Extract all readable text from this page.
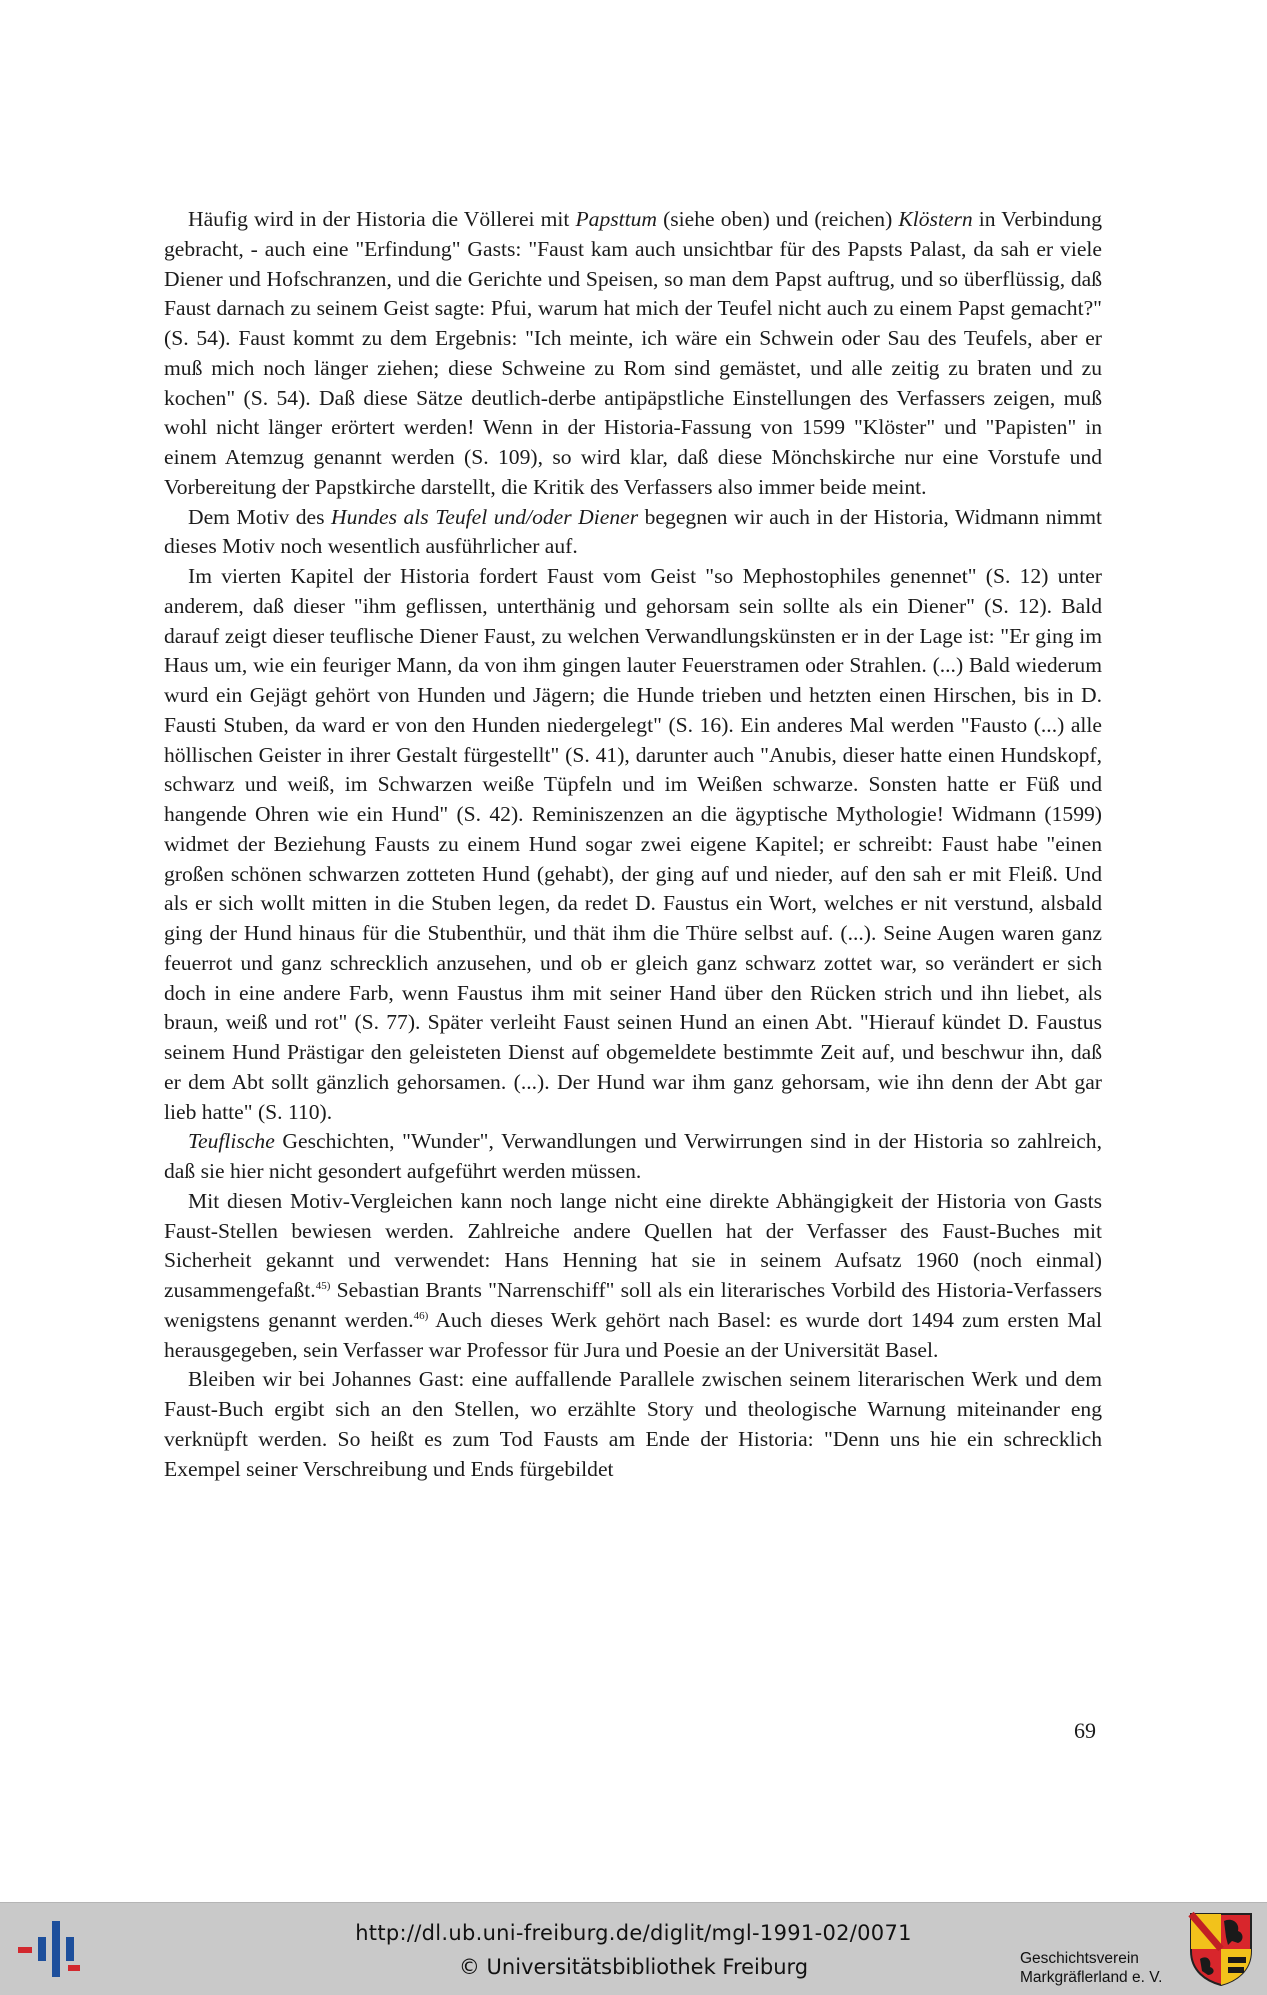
Häufig wird in der Historia die Völlerei mit Papsttum (siehe oben) und (reichen) Klöstern in Verbindung gebracht, - auch eine "Erfindung" Gasts: "Faust kam auch unsichtbar für des Papsts Palast, da sah er viele Diener und Hofschranzen, und die Gerichte und Speisen, so man dem Papst auftrug, und so überflüssig, daß Faust darnach zu seinem Geist sagte: Pfui, warum hat mich der Teufel nicht auch zu einem Papst gemacht?" (S. 54). Faust kommt zu dem Ergebnis: "Ich meinte, ich wäre ein Schwein oder Sau des Teufels, aber er muß mich noch länger ziehen; diese Schweine zu Rom sind gemästet, und alle zeitig zu braten und zu kochen" (S. 54). Daß diese Sätze deutlich-derbe antipäpstliche Einstellungen des Verfassers zeigen, muß wohl nicht länger erörtert werden! Wenn in der Historia-Fassung von 1599 "Klöster" und "Papisten" in einem Atemzug genannt werden (S. 109), so wird klar, daß diese Mönchskirche nur eine Vorstufe und Vorbereitung der Papstkirche darstellt, die Kritik des Verfassers also immer beide meint.

Dem Motiv des Hundes als Teufel und/oder Diener begegnen wir auch in der Historia, Widmann nimmt dieses Motiv noch wesentlich ausführlicher auf.

Im vierten Kapitel der Historia fordert Faust vom Geist "so Mephostophiles genennet" (S. 12) unter anderem, daß dieser "ihm geflissen, unterthänig und gehorsam sein sollte als ein Diener" (S. 12). Bald darauf zeigt dieser teuflische Diener Faust, zu welchen Verwandlungskünsten er in der Lage ist: "Er ging im Haus um, wie ein feuriger Mann, da von ihm gingen lauter Feuerstramen oder Strahlen. (...) Bald wiederum wurd ein Gejägt gehört von Hunden und Jägern; die Hunde trieben und hetzten einen Hirschen, bis in D. Fausti Stuben, da ward er von den Hunden niedergelegt" (S. 16). Ein anderes Mal werden "Fausto (...) alle höllischen Geister in ihrer Gestalt fürgestellt" (S. 41), darunter auch "Anubis, dieser hatte einen Hundskopf, schwarz und weiß, im Schwarzen weiße Tüpfeln und im Weißen schwarze. Sonsten hatte er Füß und hangende Ohren wie ein Hund" (S. 42). Reminiszenzen an die ägyptische Mythologie! Widmann (1599) widmet der Beziehung Fausts zu einem Hund sogar zwei eigene Kapitel; er schreibt: Faust habe "einen großen schönen schwarzen zotteten Hund (gehabt), der ging auf und nieder, auf den sah er mit Fleiß. Und als er sich wollt mitten in die Stuben legen, da redet D. Faustus ein Wort, welches er nit verstund, alsbald ging der Hund hinaus für die Stubenthür, und thät ihm die Thüre selbst auf. (...). Seine Augen waren ganz feuerrot und ganz schrecklich anzusehen, und ob er gleich ganz schwarz zottet war, so verändert er sich doch in eine andere Farb, wenn Faustus ihm mit seiner Hand über den Rücken strich und ihn liebet, als braun, weiß und rot" (S. 77). Später verleiht Faust seinen Hund an einen Abt. "Hierauf kündet D. Faustus seinem Hund Prästigar den geleisteten Dienst auf obgemeldete bestimmte Zeit auf, und beschwur ihn, daß er dem Abt sollt gänzlich gehorsamen. (...). Der Hund war ihm ganz gehorsam, wie ihn denn der Abt gar lieb hatte" (S. 110).

Teuflische Geschichten, "Wunder", Verwandlungen und Verwirrungen sind in der Historia so zahlreich, daß sie hier nicht gesondert aufgeführt werden müssen.

Mit diesen Motiv-Vergleichen kann noch lange nicht eine direkte Abhängigkeit der Historia von Gasts Faust-Stellen bewiesen werden. Zahlreiche andere Quellen hat der Verfasser des Faust-Buches mit Sicherheit gekannt und verwendet: Hans Henning hat sie in seinem Aufsatz 1960 (noch einmal) zusammengefaßt.$^{45)}$ Sebastian Brants "Narrenschiff" soll als ein literarisches Vorbild des Historia-Verfassers wenigstens genannt werden.$^{46)}$ Auch dieses Werk gehört nach Basel: es wurde dort 1494 zum ersten Mal herausgegeben, sein Verfasser war Professor für Jura und Poesie an der Universität Basel.

Bleiben wir bei Johannes Gast: eine auffallende Parallele zwischen seinem literarischen Werk und dem Faust-Buch ergibt sich an den Stellen, wo erzählte Story und theologische Warnung miteinander eng verknüpft werden. So heißt es zum Tod Fausts am Ende der Historia: "Denn uns hie ein schrecklich Exempel seiner Verschreibung und Ends fürgebildet

69
http://dl.ub.uni-freiburg.de/diglit/mgl-1991-02/0071
© Universitätsbibliothek Freiburg	Geschichtsverein
Markgräflerland e. V.
